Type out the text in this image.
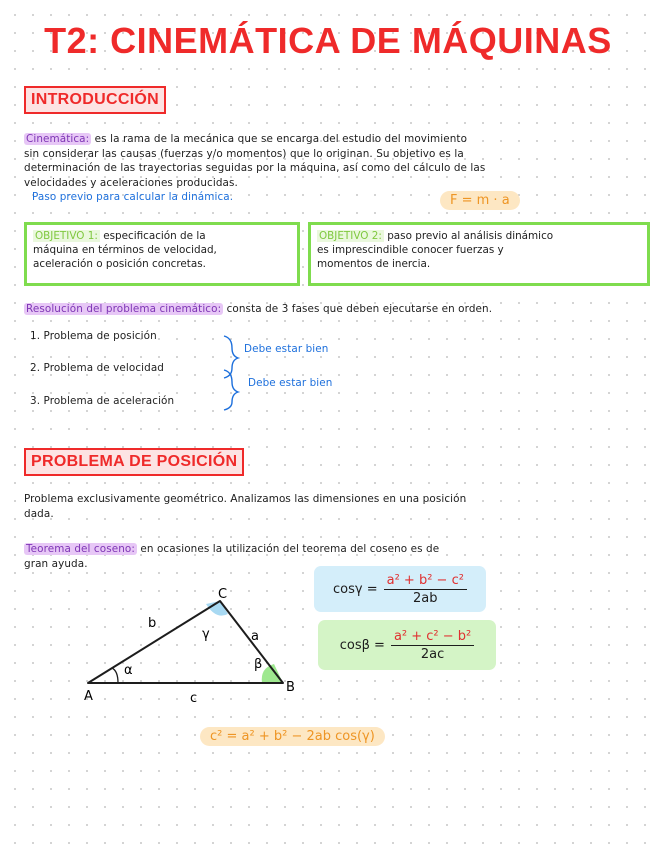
T2: CINEMÁTICA DE MÁQUINAS
INTRODUCCIÓN
Cinemática: es la rama de la mecánica que se encarga del estudio del movimiento
sin considerar las causas (fuerzas y/o momentos) que lo originan. Su objetivo es la
determinación de las trayectorias seguidas por la máquina, así como del cálculo de las
velocidades y aceleraciones producidas.
Paso previo para calcular la dinámica.	F = m · a
OBJETIVO 1: especificación de la
máquina en términos de velocidad,
aceleración o posición concretas.
OBJETIVO 2: paso previo al análisis dinámico
es imprescindible conocer fuerzas y
momentos de inercia.
Resolución del problema cinemático: consta de 3 fases que deben ejecutarse en orden.
1. Problema de posición
2. Problema de velocidad
3. Problema de aceleración
Debe estar bien
Debe estar bien
PROBLEMA DE POSICIÓN
Problema exclusivamente geométrico. Analizamos las dimensiones en una posición
dada.
Teorema del coseno: en ocasiones la utilización del teorema del coseno es de
gran ayuda.
A
B
C
a
b
c
α	β
γ
$\cos\gamma = \frac{\text{a² + b² − c²}}{2ab}$
$\cos\beta = \frac{\text{a² + c² − b²}}{2ac}$
c² = a² + b² − 2ab cos(γ)
